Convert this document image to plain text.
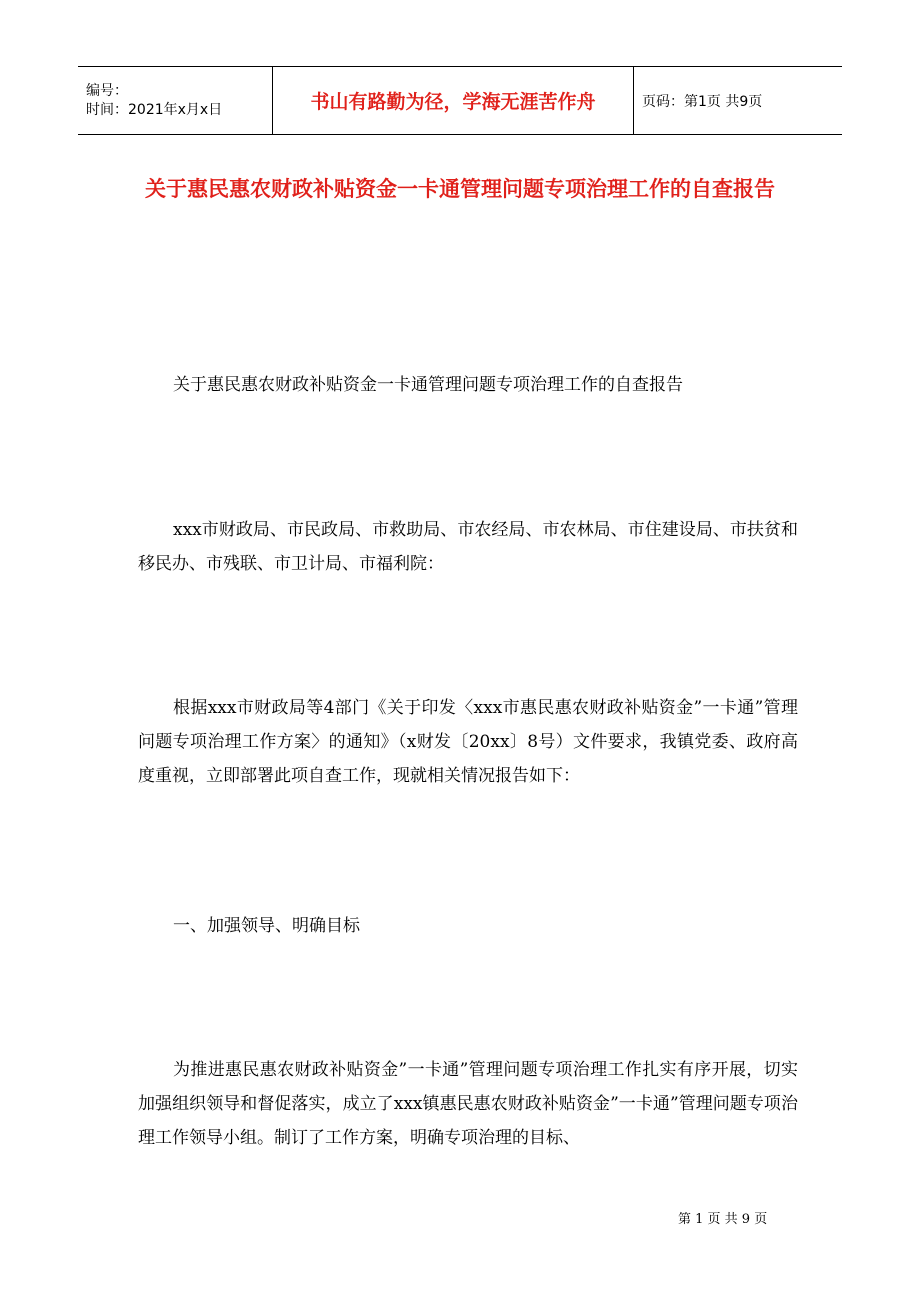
编号：
时间：2021年x月x日	书山有路勤为径，学海无涯苦作舟	页码：第1页 共9页
关于惠民惠农财政补贴资金一卡通管理问题专项治理工作的自查报告

关于惠民惠农财政补贴资金一卡通管理问题专项治理工作的自查报告

xxx市财政局、市民政局、市救助局、市农经局、市农林局、市住建设局、市扶贫和移民办、市残联、市卫计局、市福利院：

根据xxx市财政局等4部门《关于印发〈xxx市惠民惠农财政补贴资金”一卡通”管理问题专项治理工作方案〉的通知》（x财发〔20xx〕8号）文件要求，我镇党委、政府高度重视，立即部署此项自查工作，现就相关情况报告如下：

一、加强领导、明确目标

为推进惠民惠农财政补贴资金”一卡通”管理问题专项治理工作扎实有序开展，切实加强组织领导和督促落实，成立了xxx镇惠民惠农财政补贴资金”一卡通”管理问题专项治理工作领导小组。制订了工作方案，明确专项治理的目标、

第 1 页 共 9 页
